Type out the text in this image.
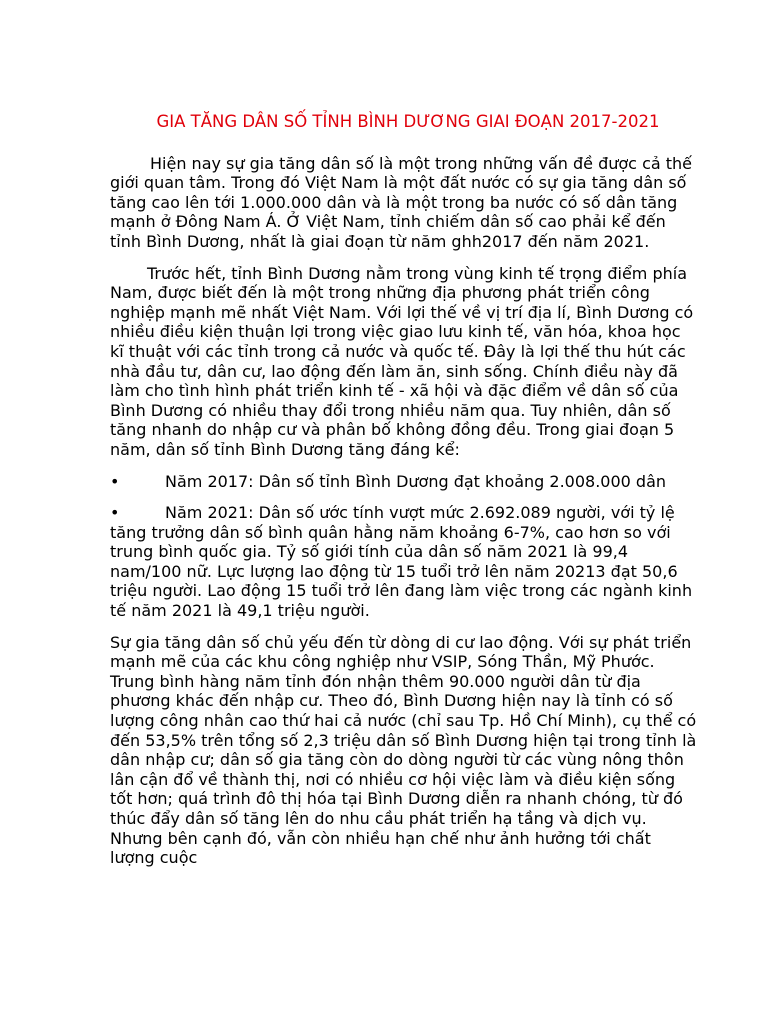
GIA TĂNG DÂN SỐ TỈNH BÌNH DƯƠNG GIAI ĐOẠN 2017-2021

Hiện nay sự gia tăng dân số là một trong những vấn đề được cả thế giới quan tâm. Trong đó Việt Nam là một đất nước có sự gia tăng dân số tăng cao lên tới 1.000.000 dân và là một trong ba nước có số dân tăng mạnh ở Đông Nam Á. Ở Việt Nam, tỉnh chiếm dân số cao phải kể đến tỉnh Bình Dương, nhất là giai đoạn từ năm ghh2017 đến năm 2021.

Trước hết, tỉnh Bình Dương nằm trong vùng kinh tế trọng điểm phía Nam, được biết đến là một trong những địa phương phát triển công nghiệp mạnh mẽ nhất Việt Nam. Với lợi thế về vị trí địa lí, Bình Dương có nhiều điều kiện thuận lợi trong việc giao lưu kinh tế, văn hóa, khoa học kĩ thuật với các tỉnh trong cả nước và quốc tế. Đây là lợi thế thu hút các nhà đầu tư, dân cư, lao động đến làm ăn, sinh sống. Chính điều này đã làm cho tình hình phát triển kinh tế - xã hội và đặc điểm về dân số của Bình Dương có nhiều thay đổi trong nhiều năm qua. Tuy nhiên, dân số tăng nhanh do nhập cư và phân bố không đồng đều. Trong giai đoạn 5 năm, dân số tỉnh Bình Dương tăng đáng kể:

•	Năm 2017: Dân số tỉnh Bình Dương đạt khoảng 2.008.000 dân
•	Năm 2021: Dân số ước tính vượt mức 2.692.089 người, với tỷ lệ tăng trưởng dân số bình quân hằng năm khoảng 6-7%, cao hơn so với trung bình quốc gia. Tỷ số giới tính của dân số năm 2021 là 99,4 nam/100 nữ. Lực lượng lao động từ 15 tuổi trở lên năm 20213 đạt 50,6 triệu người. Lao động 15 tuổi trở lên đang làm việc trong các ngành kinh tế năm 2021 là 49,1 triệu người.

Sự gia tăng dân số chủ yếu đến từ dòng di cư lao động. Với sự phát triển mạnh mẽ của các khu công nghiệp như VSIP, Sóng Thần, Mỹ Phước. Trung bình hàng năm tỉnh đón nhận thêm 90.000 người dân từ địa phương khác đến nhập cư. Theo đó, Bình Dương hiện nay là tỉnh có số lượng công nhân cao thứ hai cả nước (chỉ sau Tp. Hồ Chí Minh), cụ thể có đến 53,5% trên tổng số 2,3 triệu dân số Bình Dương hiện tại trong tỉnh là dân nhập cư; dân số gia tăng còn do dòng người từ các vùng nông thôn lân cận đổ về thành thị, nơi có nhiều cơ hội việc làm và điều kiện sống tốt hơn; quá trình đô thị hóa tại Bình Dương diễn ra nhanh chóng, từ đó thúc đẩy dân số tăng lên do nhu cầu phát triển hạ tầng và dịch vụ. Nhưng bên cạnh đó, vẫn còn nhiều hạn chế như ảnh hưởng tới chất lượng cuộc
